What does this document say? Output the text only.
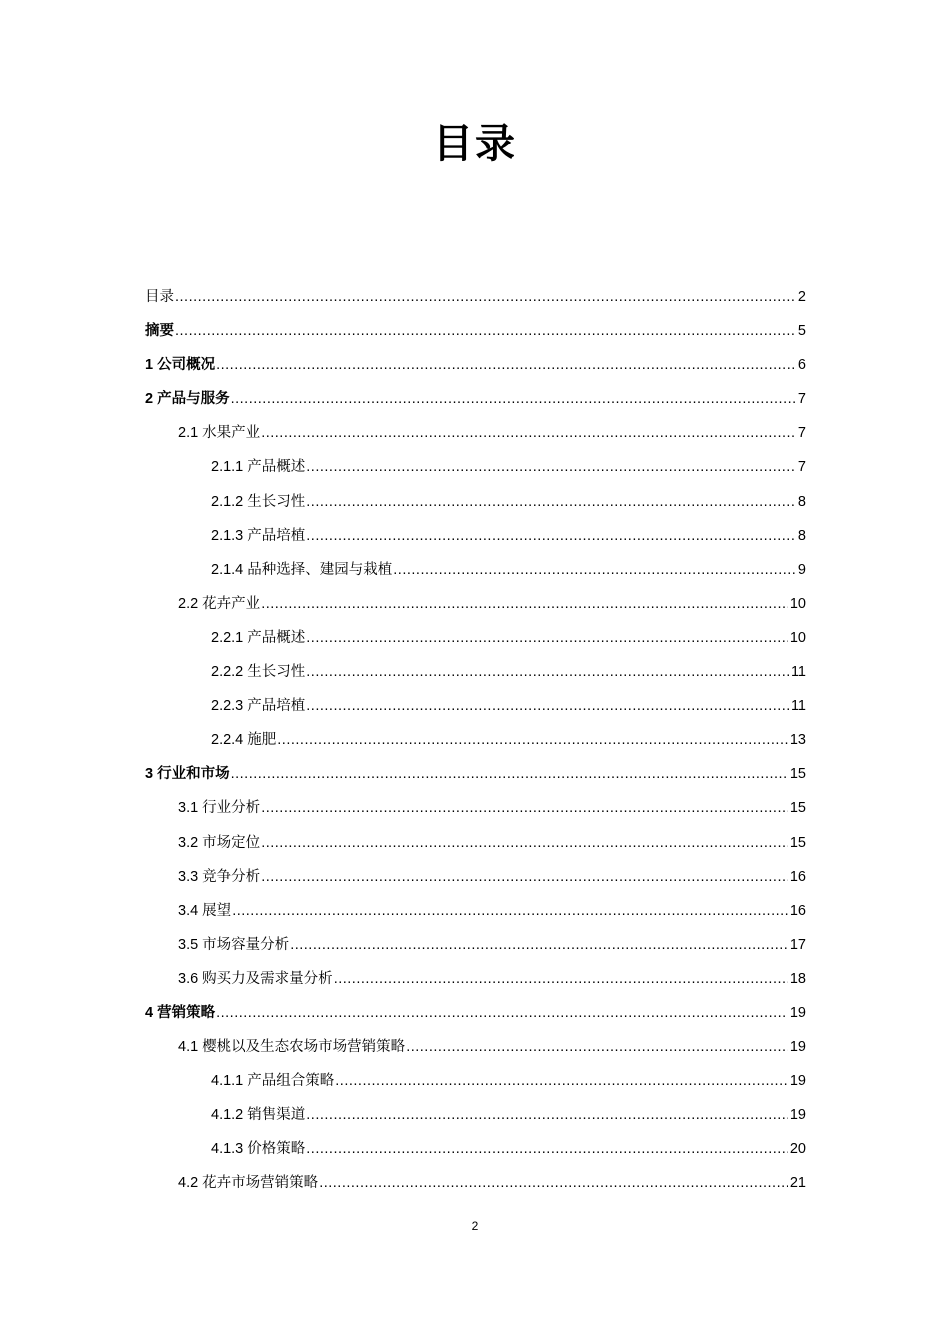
目录
目录 .....	2
摘要 .....	5
1 公司概况 .....	6
2 产品与服务 .....	7
2.1 水果产业 .....	7
2.1.1 产品概述 .....	7
2.1.2 生长习性 .....	8
2.1.3 产品培植 .....	8
2.1.4 品种选择、建园与栽植 .....	9
2.2 花卉产业 .....	10
2.2.1 产品概述 .....	10
2.2.2 生长习性 .....	11
2.2.3 产品培植 .....	11
2.2.4 施肥 .....	13
3 行业和市场 .....	15
3.1 行业分析 .....	15
3.2 市场定位 .....	15
3.3 竞争分析 .....	16
3.4 展望 .....	16
3.5 市场容量分析 .....	17
3.6 购买力及需求量分析 .....	18
4 营销策略 .....	19
4.1 樱桃以及生态农场市场营销策略 .....	19
4.1.1 产品组合策略 .....	19
4.1.2 销售渠道 .....	19
4.1.3 价格策略 .....	20
4.2 花卉市场营销策略 .....	21
2
